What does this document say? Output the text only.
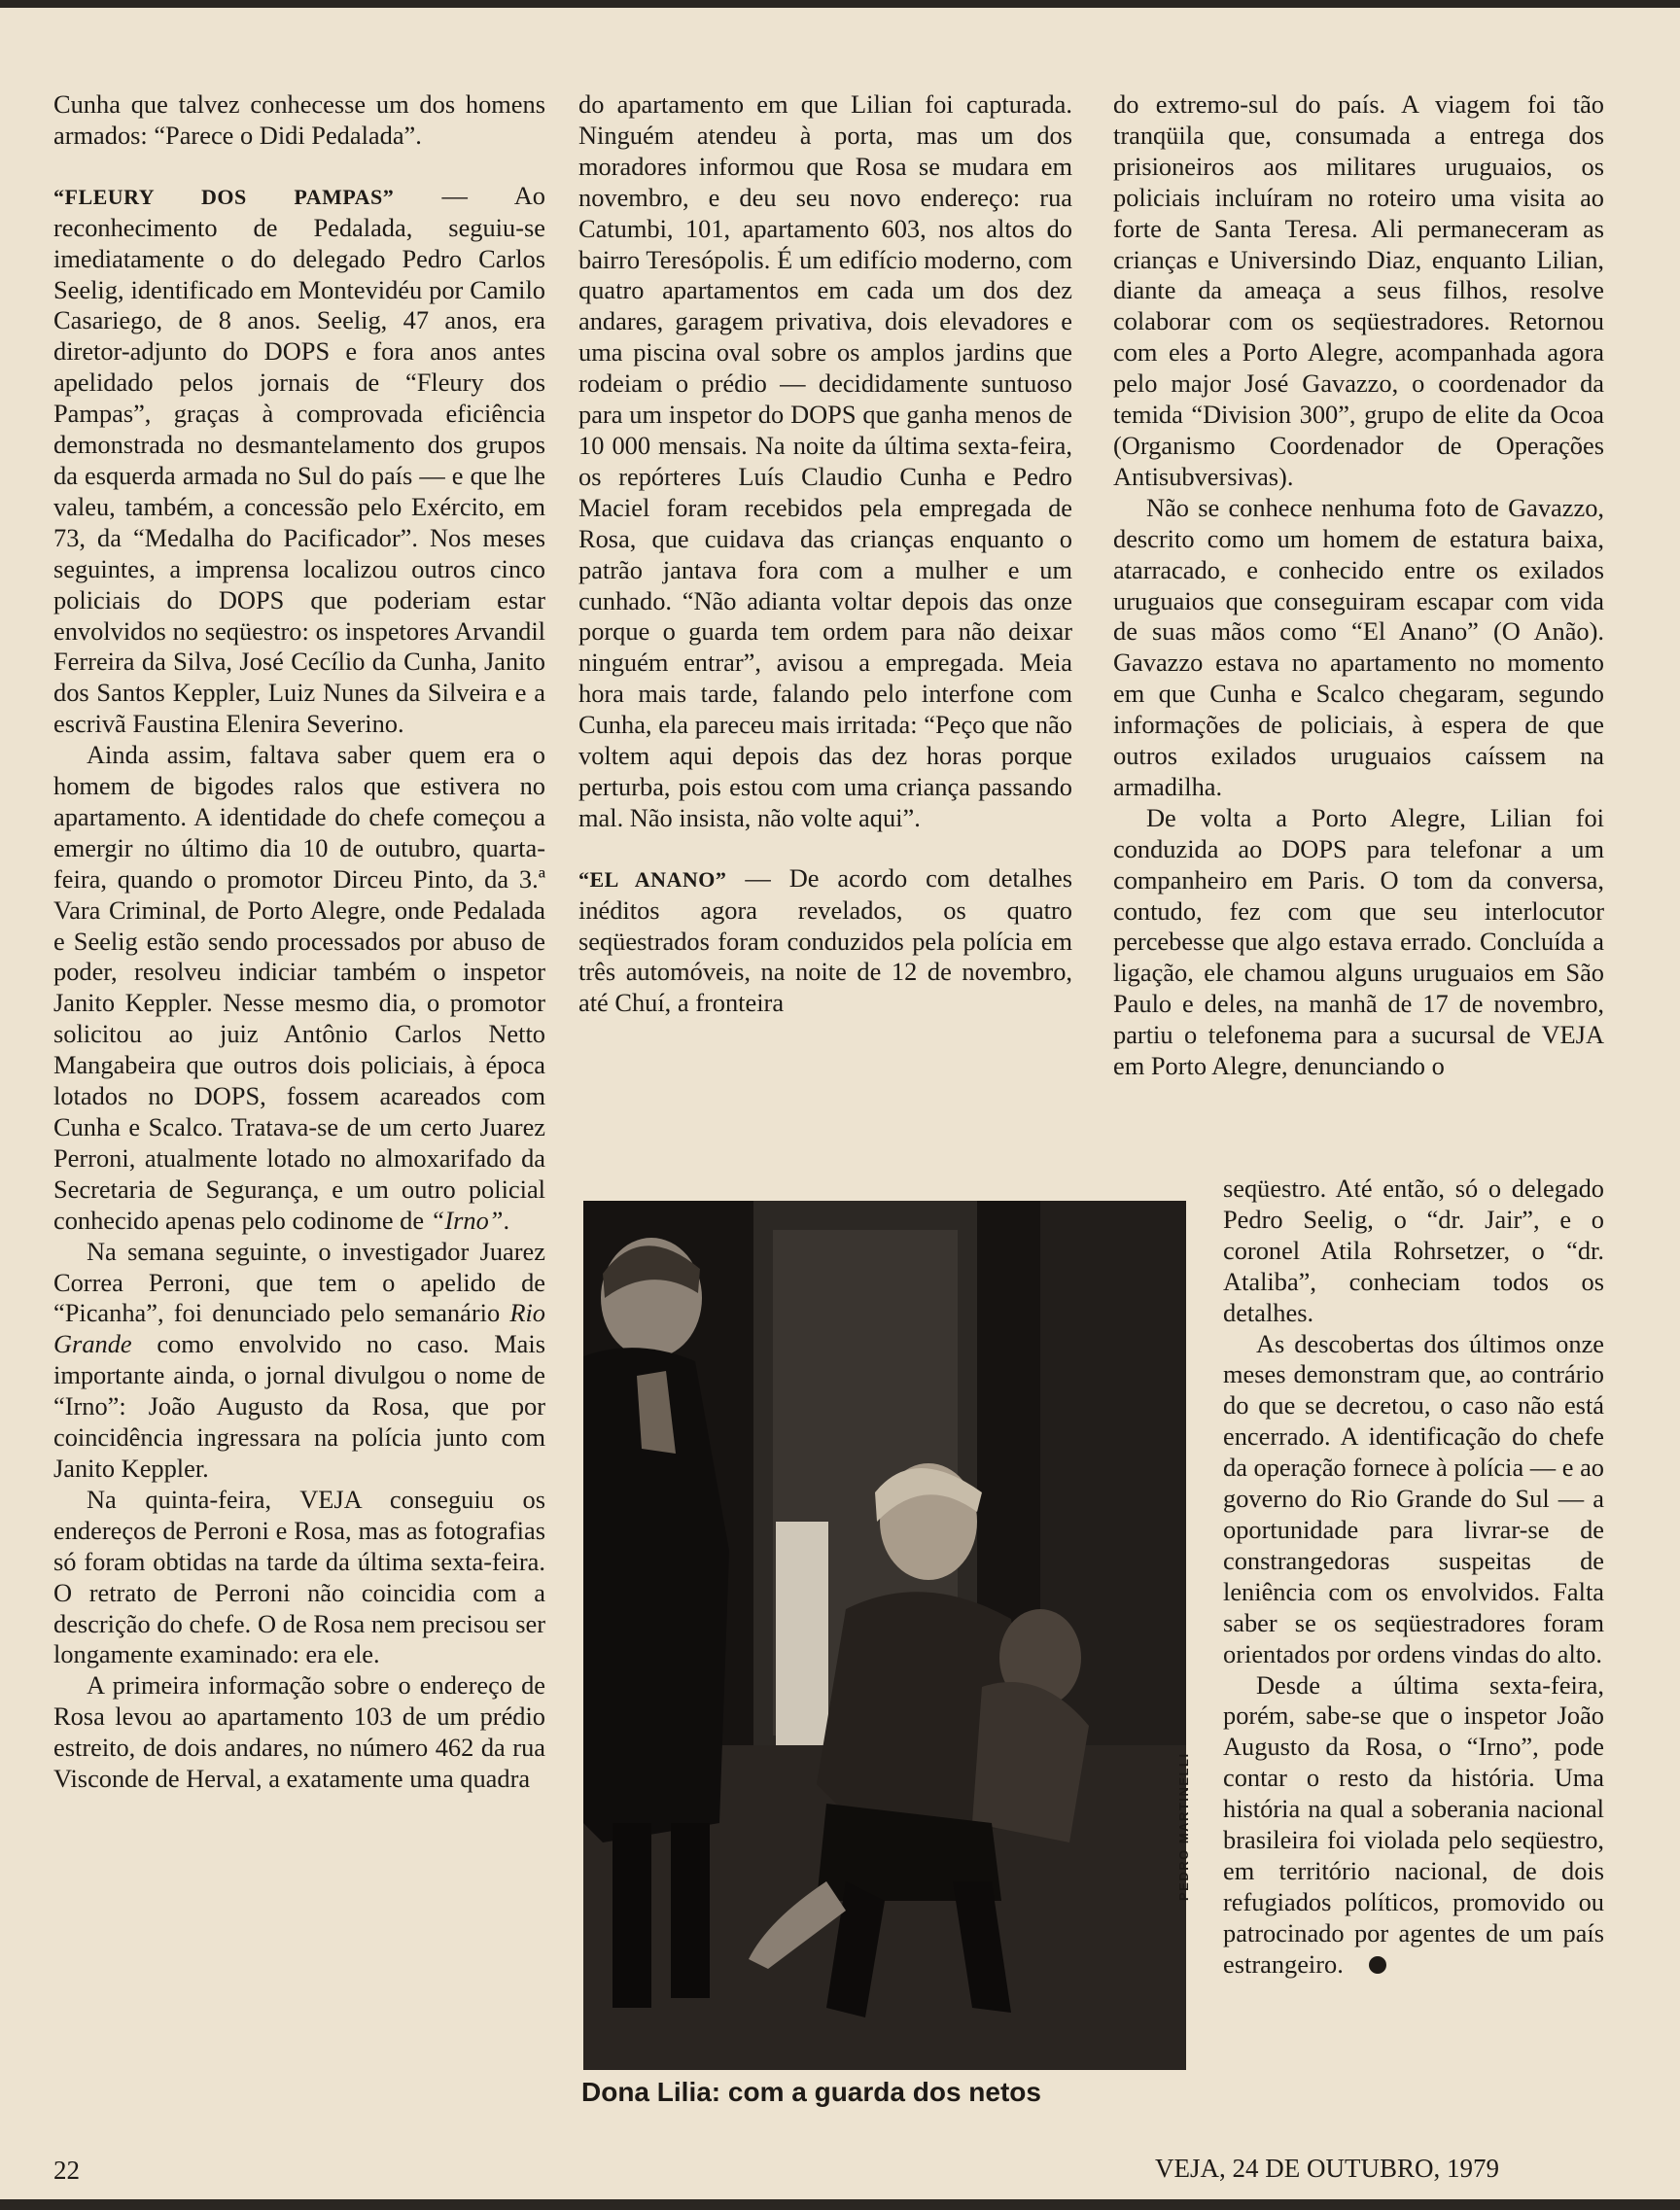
Cunha que talvez conhecesse um dos homens armados: “Parece o Didi Pedalada”.

“FLEURY DOS PAMPAS” — Ao reconhecimento de Pedalada, seguiu-se imediatamente o do delegado Pedro Carlos Seelig, identificado em Montevidéu por Camilo Casariego, de 8 anos. Seelig, 47 anos, era diretor-adjunto do DOPS e fora anos antes apelidado pelos jornais de “Fleury dos Pampas”, graças à comprovada eficiência demonstrada no desmantelamento dos grupos da esquerda armada no Sul do país — e que lhe valeu, também, a concessão pelo Exército, em 73, da “Medalha do Pacificador”. Nos meses seguintes, a imprensa localizou outros cinco policiais do DOPS que poderiam estar envolvidos no seqüestro: os inspetores Arvandil Ferreira da Silva, José Cecílio da Cunha, Janito dos Santos Keppler, Luiz Nunes da Silveira e a escrivã Faustina Elenira Severino.

Ainda assim, faltava saber quem era o homem de bigodes ralos que estivera no apartamento. A identidade do chefe começou a emergir no último dia 10 de outubro, quarta-feira, quando o promotor Dirceu Pinto, da 3.ª Vara Criminal, de Porto Alegre, onde Pedalada e Seelig estão sendo processados por abuso de poder, resolveu indiciar também o inspetor Janito Keppler. Nesse mesmo dia, o promotor solicitou ao juiz Antônio Carlos Netto Mangabeira que outros dois policiais, à época lotados no DOPS, fossem acareados com Cunha e Scalco. Tratava-se de um certo Juarez Perroni, atualmente lotado no almoxarifado da Secretaria de Segurança, e um outro policial conhecido apenas pelo codinome de “Irno”.

Na semana seguinte, o investigador Juarez Correa Perroni, que tem o apelido de “Picanha”, foi denunciado pelo semanário Rio Grande como envolvido no caso. Mais importante ainda, o jornal divulgou o nome de “Irno”: João Augusto da Rosa, que por coincidência ingressara na polícia junto com Janito Keppler.

Na quinta-feira, VEJA conseguiu os endereços de Perroni e Rosa, mas as fotografias só foram obtidas na tarde da última sexta-feira. O retrato de Perroni não coincidia com a descrição do chefe. O de Rosa nem precisou ser longamente examinado: era ele.

A primeira informação sobre o endereço de Rosa levou ao apartamento 103 de um prédio estreito, de dois andares, no número 462 da rua Visconde de Herval, a exatamente uma quadra

do apartamento em que Lilian foi capturada. Ninguém atendeu à porta, mas um dos moradores informou que Rosa se mudara em novembro, e deu seu novo endereço: rua Catumbi, 101, apartamento 603, nos altos do bairro Teresópolis. É um edifício moderno, com quatro apartamentos em cada um dos dez andares, garagem privativa, dois elevadores e uma piscina oval sobre os amplos jardins que rodeiam o prédio — decididamente suntuoso para um inspetor do DOPS que ganha menos de 10 000 mensais. Na noite da última sexta-feira, os repórteres Luís Claudio Cunha e Pedro Maciel foram recebidos pela empregada de Rosa, que cuidava das crianças enquanto o patrão jantava fora com a mulher e um cunhado. “Não adianta voltar depois das onze porque o guarda tem ordem para não deixar ninguém entrar”, avisou a empregada. Meia hora mais tarde, falando pelo interfone com Cunha, ela pareceu mais irritada: “Peço que não voltem aqui depois das dez horas porque perturba, pois estou com uma criança passando mal. Não insista, não volte aqui”.

“EL ANANO” — De acordo com detalhes inéditos agora revelados, os quatro seqüestrados foram conduzidos pela polícia em três automóveis, na noite de 12 de novembro, até Chuí, a fronteira

do extremo-sul do país. A viagem foi tão tranqüila que, consumada a entrega dos prisioneiros aos militares uruguaios, os policiais incluíram no roteiro uma visita ao forte de Santa Teresa. Ali permaneceram as crianças e Universindo Diaz, enquanto Lilian, diante da ameaça a seus filhos, resolve colaborar com os seqüestradores. Retornou com eles a Porto Alegre, acompanhada agora pelo major José Gavazzo, o coordenador da temida “Division 300”, grupo de elite da Ocoa (Organismo Coordenador de Operações Antisubversivas).

Não se conhece nenhuma foto de Gavazzo, descrito como um homem de estatura baixa, atarracado, e conhecido entre os exilados uruguaios que conseguiram escapar com vida de suas mãos como “El Anano” (O Anão). Gavazzo estava no apartamento no momento em que Cunha e Scalco chegaram, segundo informações de policiais, à espera de que outros exilados uruguaios caíssem na armadilha.

De volta a Porto Alegre, Lilian foi conduzida ao DOPS para telefonar a um companheiro em Paris. O tom da conversa, contudo, fez com que seu interlocutor percebesse que algo estava errado. Concluída a ligação, ele chamou alguns uruguaios em São Paulo e deles, na manhã de 17 de novembro, partiu o telefonema para a sucursal de VEJA em Porto Alegre, denunciando o

seqüestro. Até então, só o delegado Pedro Seelig, o “dr. Jair”, e o coronel Atila Rohrsetzer, o “dr. Ataliba”, conheciam todos os detalhes.

As descobertas dos últimos onze meses demonstram que, ao contrário do que se decretou, o caso não está encerrado. A identificação do chefe da operação fornece à polícia — e ao governo do Rio Grande do Sul — a oportunidade para livrar-se de constrangedoras suspeitas de leniência com os envolvidos. Falta saber se os seqüestradores foram orientados por ordens vindas do alto.

Desde a última sexta-feira, porém, sabe-se que o inspetor João Augusto da Rosa, o “Irno”, pode contar o resto da história. Uma história na qual a soberania nacional brasileira foi violada pelo seqüestro, em território nacional, de dois refugiados políticos, promovido ou patrocinado por agentes de um país estrangeiro.

PEDRO MARTINELLI
Dona Lilia: com a guarda dos netos
22	VEJA, 24 DE OUTUBRO, 1979
